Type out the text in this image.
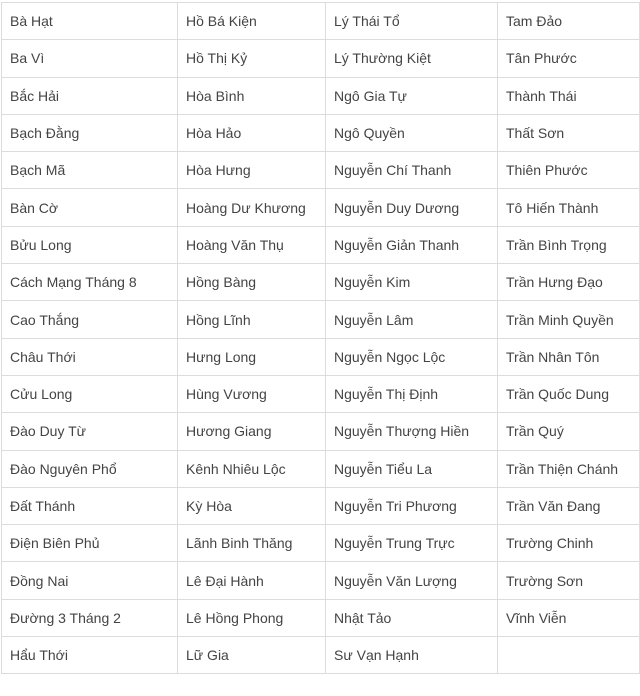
Bà Hạt	Hồ Bá Kiện	Lý Thái Tổ	Tam Đảo
Ba Vì	Hồ Thị Kỷ	Lý Thường Kiệt	Tân Phước
Bắc Hải	Hòa Bình	Ngô Gia Tự	Thành Thái
Bạch Đằng	Hòa Hảo	Ngô Quyền	Thất Sơn
Bạch Mã	Hòa Hưng	Nguyễn Chí Thanh	Thiên Phước
Bàn Cờ	Hoàng Dư Khương	Nguyễn Duy Dương	Tô Hiến Thành
Bửu Long	Hoàng Văn Thụ	Nguyễn Giản Thanh	Trần Bình Trọng
Cách Mạng Tháng 8	Hồng Bàng	Nguyễn Kim	Trần Hưng Đạo
Cao Thắng	Hồng Lĩnh	Nguyễn Lâm	Trần Minh Quyền
Châu Thới	Hưng Long	Nguyễn Ngọc Lộc	Trần Nhân Tôn
Cửu Long	Hùng Vương	Nguyễn Thị Định	Trần Quốc Dung
Đào Duy Từ	Hương Giang	Nguyễn Thượng Hiền	Trần Quý
Đào Nguyên Phổ	Kênh Nhiêu Lộc	Nguyễn Tiểu La	Trần Thiện Chánh
Đất Thánh	Kỳ Hòa	Nguyễn Tri Phương	Trần Văn Đang
Điện Biên Phủ	Lãnh Binh Thăng	Nguyễn Trung Trực	Trường Chinh
Đồng Nai	Lê Đại Hành	Nguyễn Văn Lượng	Trường Sơn
Đường 3 Tháng 2	Lê Hồng Phong	Nhật Tảo	Vĩnh Viễn
Hẩu Thới	Lữ Gia	Sư Vạn Hạnh	
